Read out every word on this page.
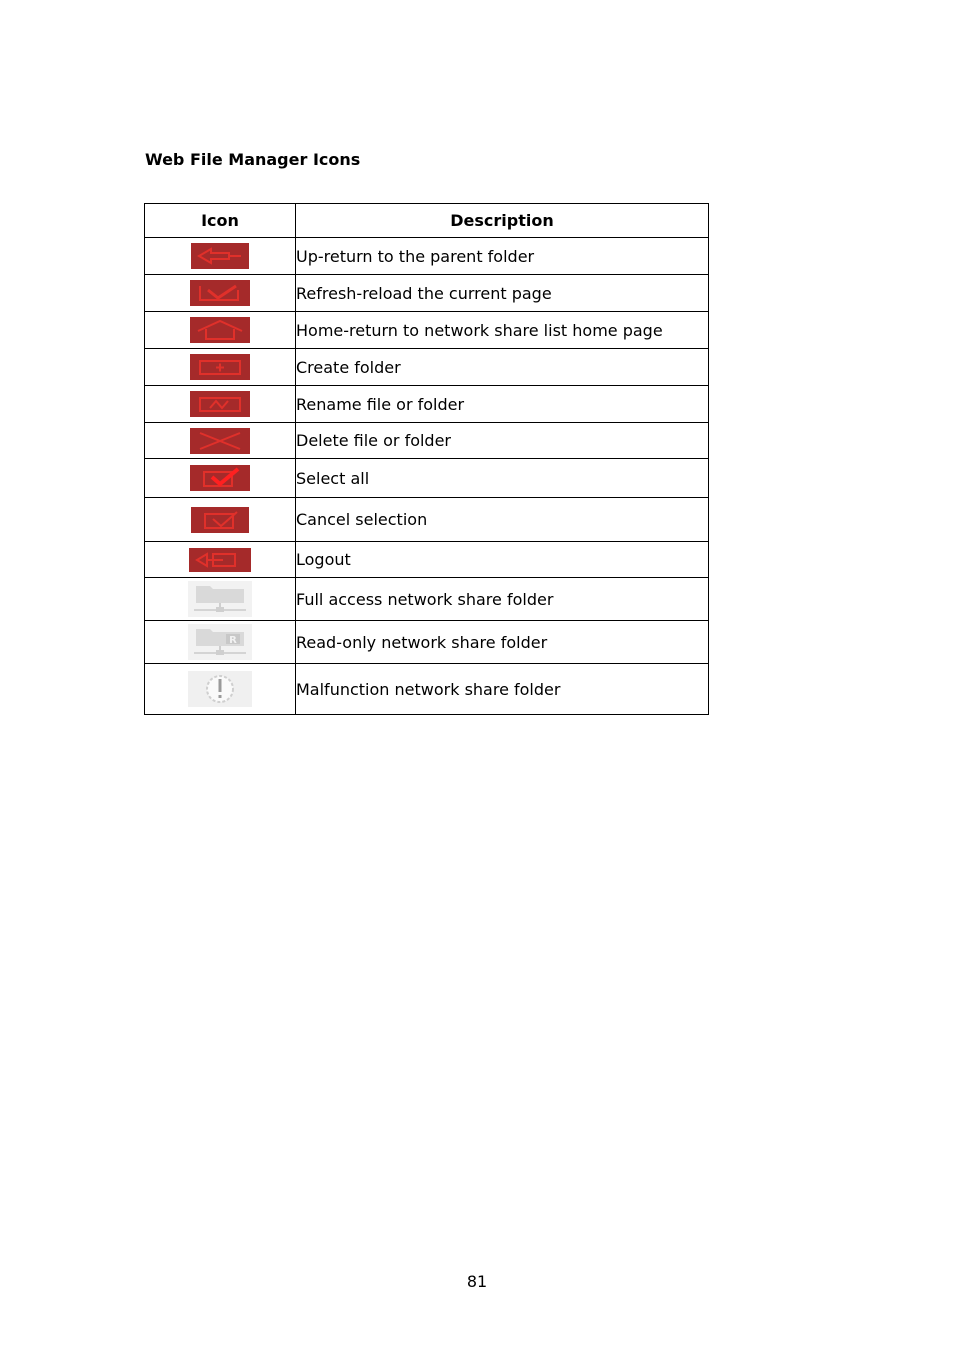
Web File Manager Icons
Icon	Description

	Up-return to the parent folder

	Refresh-reload the current page

	Home-return to network share list home page

	Create folder

	Rename file or folder

	Delete file or folder

	Select all

	Cancel selection

	Logout

	Full access network share folder

R	Read-only network share folder

	Malfunction network share folder
81
